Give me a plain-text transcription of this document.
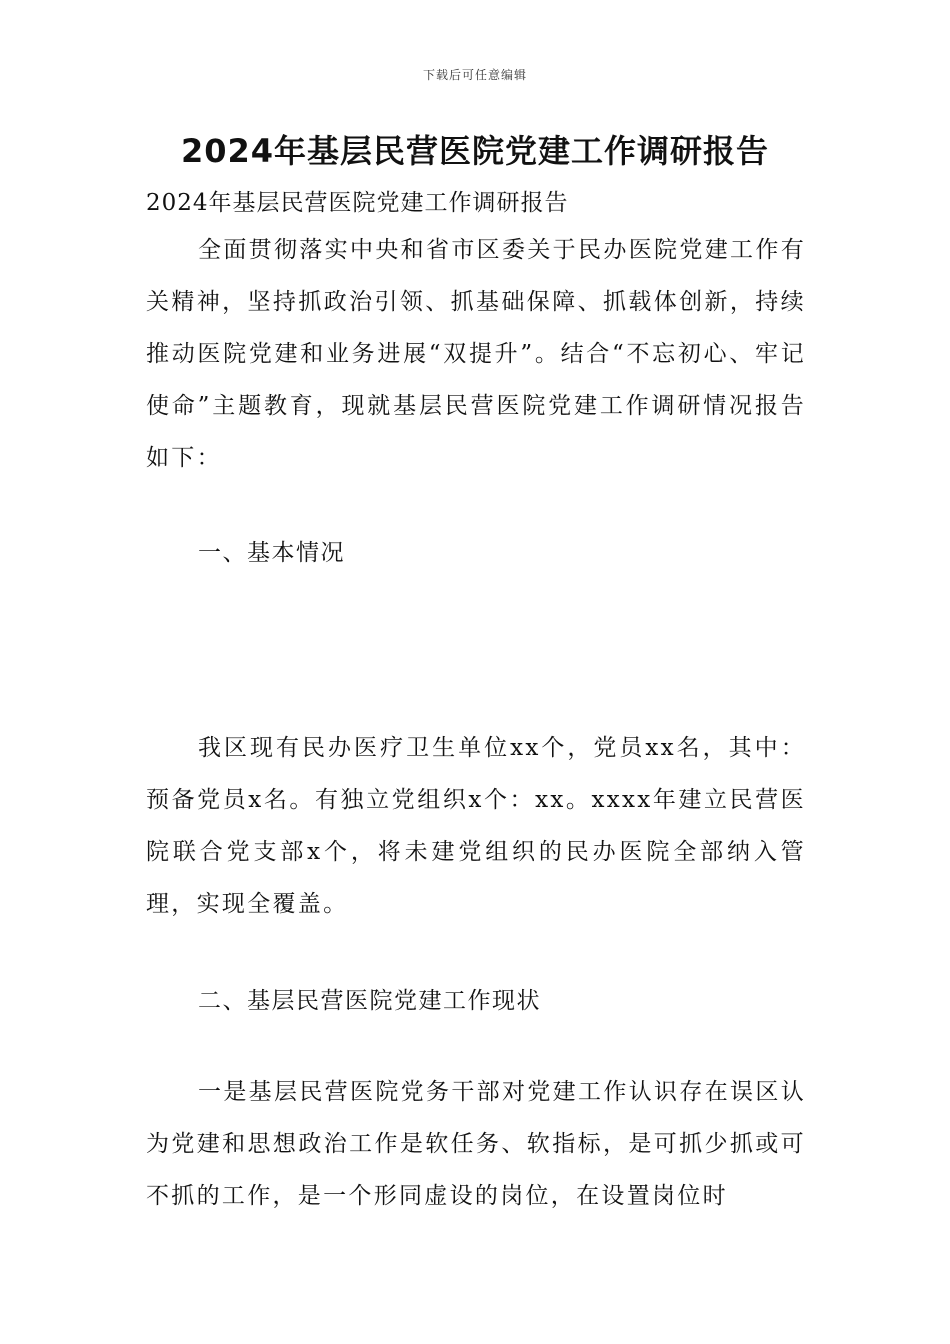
下载后可任意编辑
2024年基层民营医院党建工作调研报告
2024年基层民营医院党建工作调研报告
全面贯彻落实中央和省市区委关于民办医院党建工作有关精神，坚持抓政治引领、抓基础保障、抓载体创新，持续推动医院党建和业务进展“双提升”。结合“不忘初心、牢记使命”主题教育，现就基层民营医院党建工作调研情况报告如下：
一、基本情况
我区现有民办医疗卫生单位xx个，党员xx名，其中：预备党员x名。有独立党组织x个：xx。xxxx年建立民营医院联合党支部x个，将未建党组织的民办医院全部纳入管理，实现全覆盖。
二、基层民营医院党建工作现状
一是基层民营医院党务干部对党建工作认识存在误区认为党建和思想政治工作是软任务、软指标，是可抓少抓或可不抓的工作，是一个形同虚设的岗位，在设置岗位时
